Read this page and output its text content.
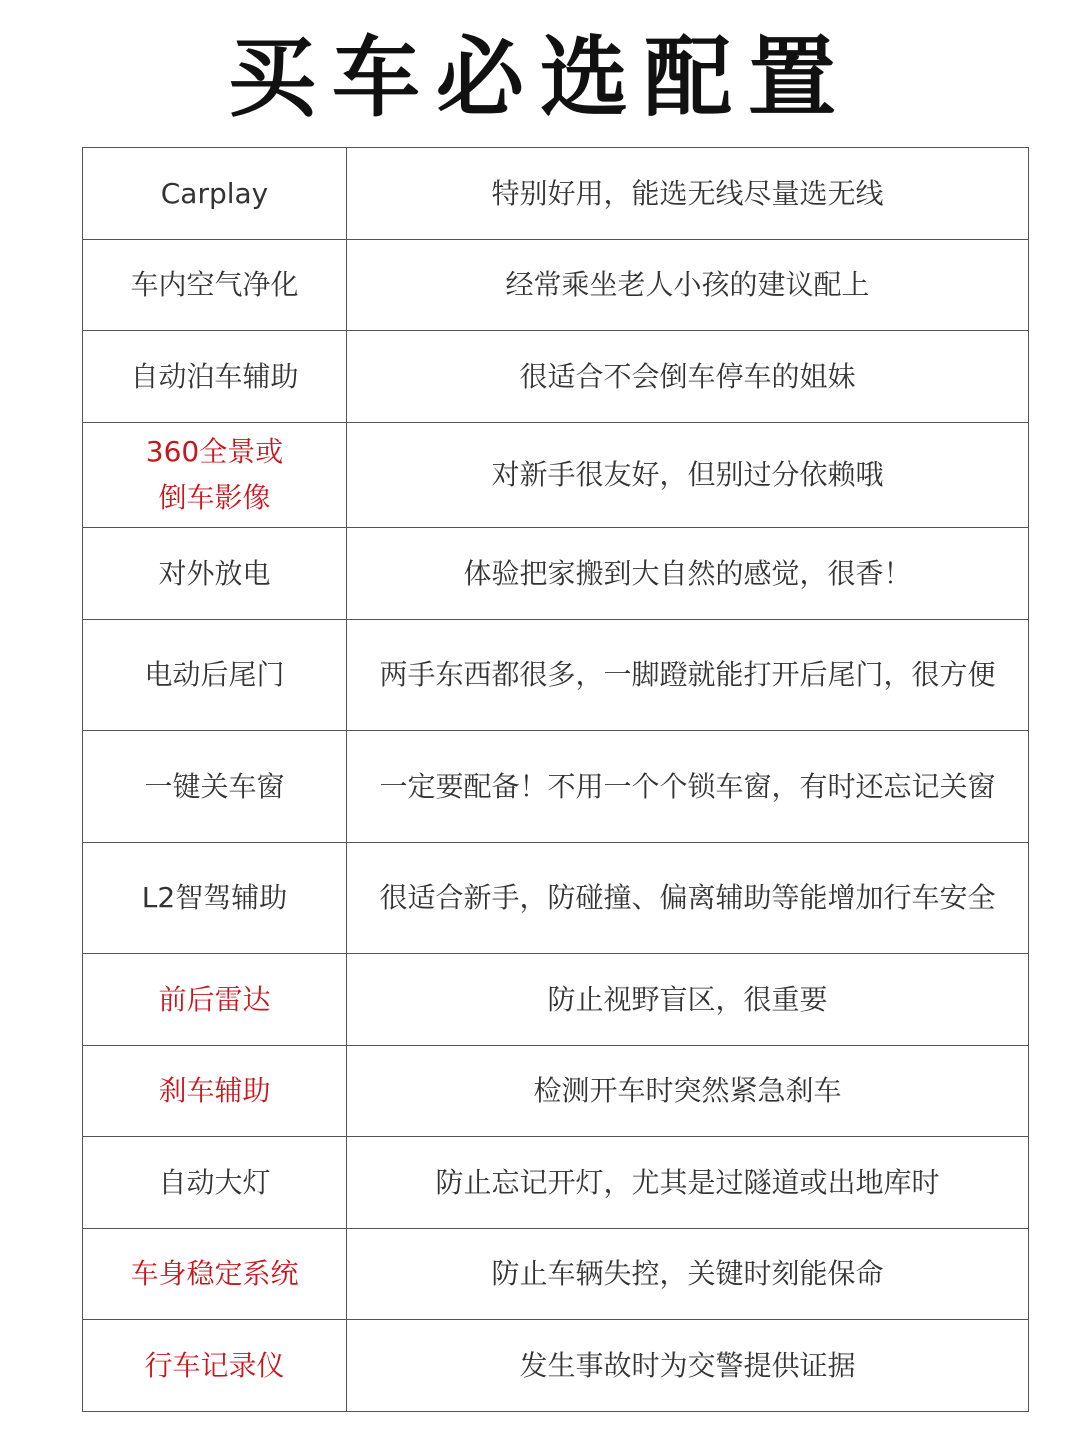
买车必选配置
Carplay	特别好用，能选无线尽量选无线
车内空气净化	经常乘坐老人小孩的建议配上
自动泊车辅助	很适合不会倒车停车的姐妹

360全景或
倒车影像	对新手很友好，但别过分依赖哦
对外放电	体验把家搬到大自然的感觉，很香！
电动后尾门	两手东西都很多，一脚蹬就能打开后尾门，很方便
一键关车窗	一定要配备！不用一个个锁车窗，有时还忘记关窗
L2智驾辅助	很适合新手，防碰撞、偏离辅助等能增加行车安全
前后雷达	防止视野盲区，很重要
刹车辅助	检测开车时突然紧急刹车
自动大灯	防止忘记开灯，尤其是过隧道或出地库时
车身稳定系统	防止车辆失控，关键时刻能保命
行车记录仪	发生事故时为交警提供证据
